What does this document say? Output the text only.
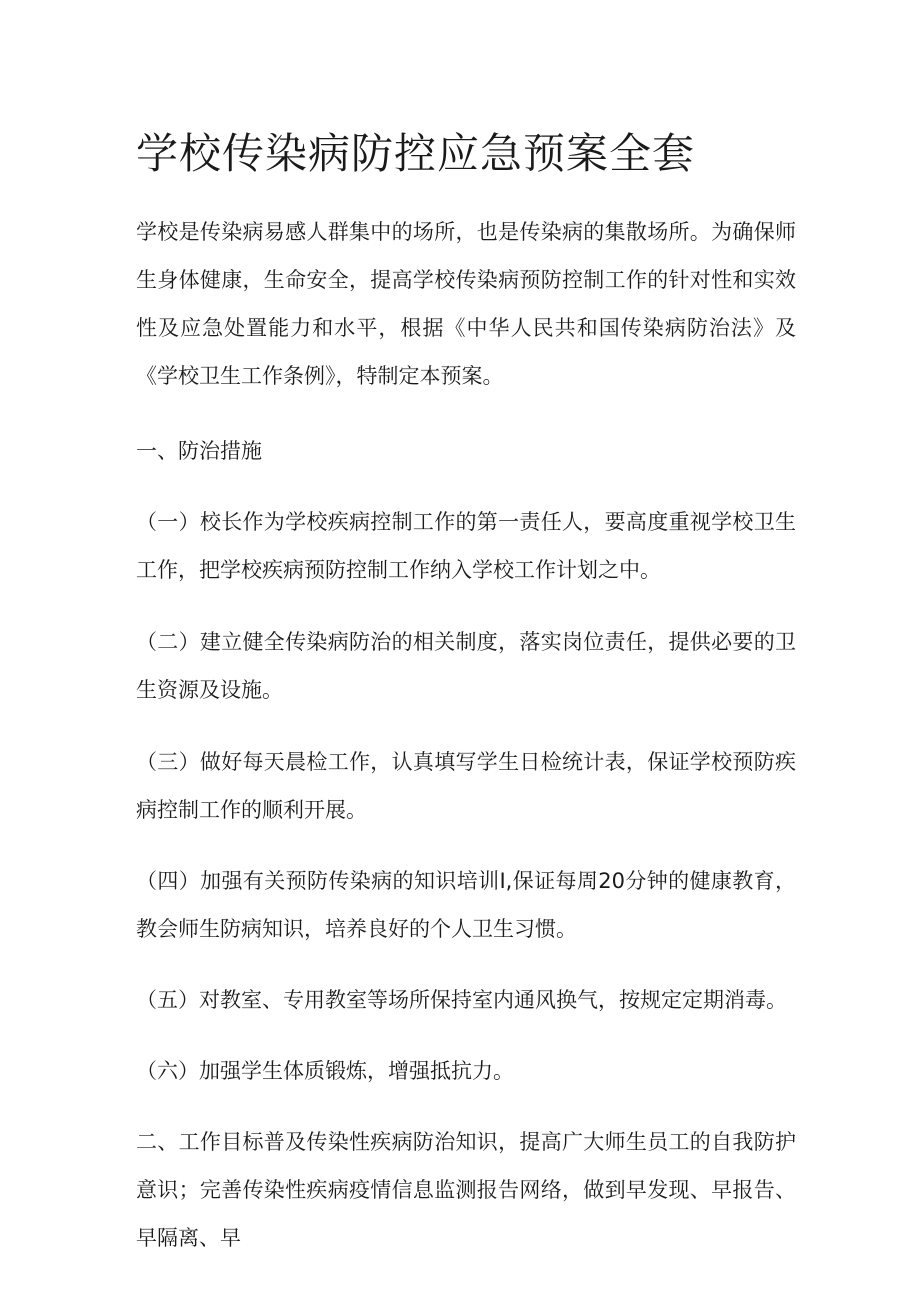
学校传染病防控应急预案全套

学校是传染病易感人群集中的场所，也是传染病的集散场所。为确保师生身体健康，生命安全，提高学校传染病预防控制工作的针对性和实效性及应急处置能力和水平，根据《中华人民共和国传染病防治法》及《学校卫生工作条例》，特制定本预案。

一、防治措施

（一）校长作为学校疾病控制工作的第一责任人，要高度重视学校卫生工作，把学校疾病预防控制工作纳入学校工作计划之中。

（二）建立健全传染病防治的相关制度，落实岗位责任，提供必要的卫生资源及设施。

（三）做好每天晨检工作，认真填写学生日检统计表，保证学校预防疾病控制工作的顺利开展。

（四）加强有关预防传染病的知识培训I,保证每周20分钟的健康教育，教会师生防病知识，培养良好的个人卫生习惯。

（五）对教室、专用教室等场所保持室内通风换气，按规定定期消毒。

（六）加强学生体质锻炼，增强抵抗力。

二、工作目标普及传染性疾病防治知识，提高广大师生员工的自我防护意识；完善传染性疾病疫情信息监测报告网络，做到早发现、早报告、早隔离、早
